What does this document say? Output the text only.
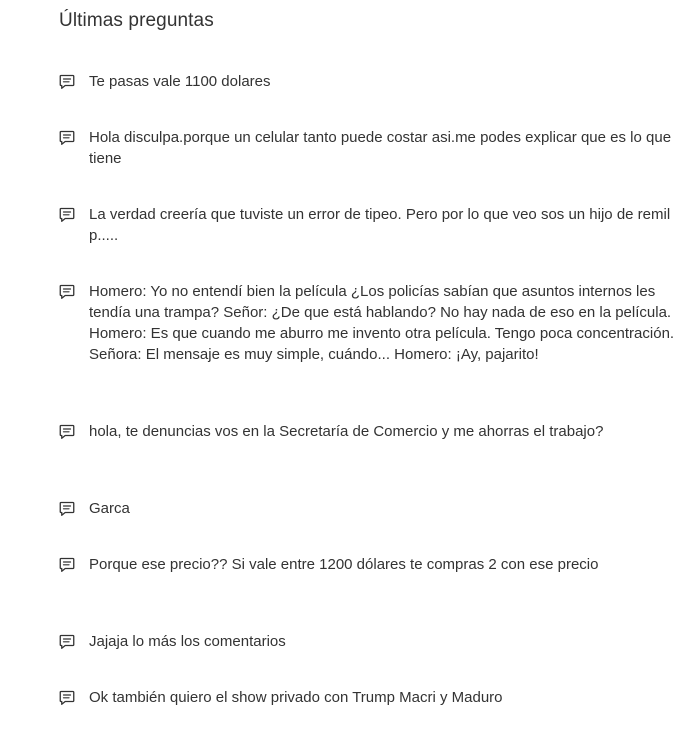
Últimas preguntas
Te pasas vale 1100 dolares
Hola disculpa.porque un celular tanto puede costar asi.me podes explicar que es lo que tiene
La verdad creería que tuviste un error de tipeo. Pero por lo que veo sos un hijo de remil p.....
Homero: Yo no entendí bien la película ¿Los policías sabían que asuntos internos les tendía una trampa? Señor: ¿De que está hablando? No hay nada de eso en la película. Homero: Es que cuando me aburro me invento otra película. Tengo poca concentración. Señora: El mensaje es muy simple, cuándo... Homero: ¡Ay, pajarito!
hola, te denuncias vos en la Secretaría de Comercio y me ahorras el trabajo?
Garca
Porque ese precio?? Si vale entre 1200 dólares te compras 2 con ese precio
Jajaja lo más los comentarios
Ok también quiero el show privado con Trump Macri y Maduro
